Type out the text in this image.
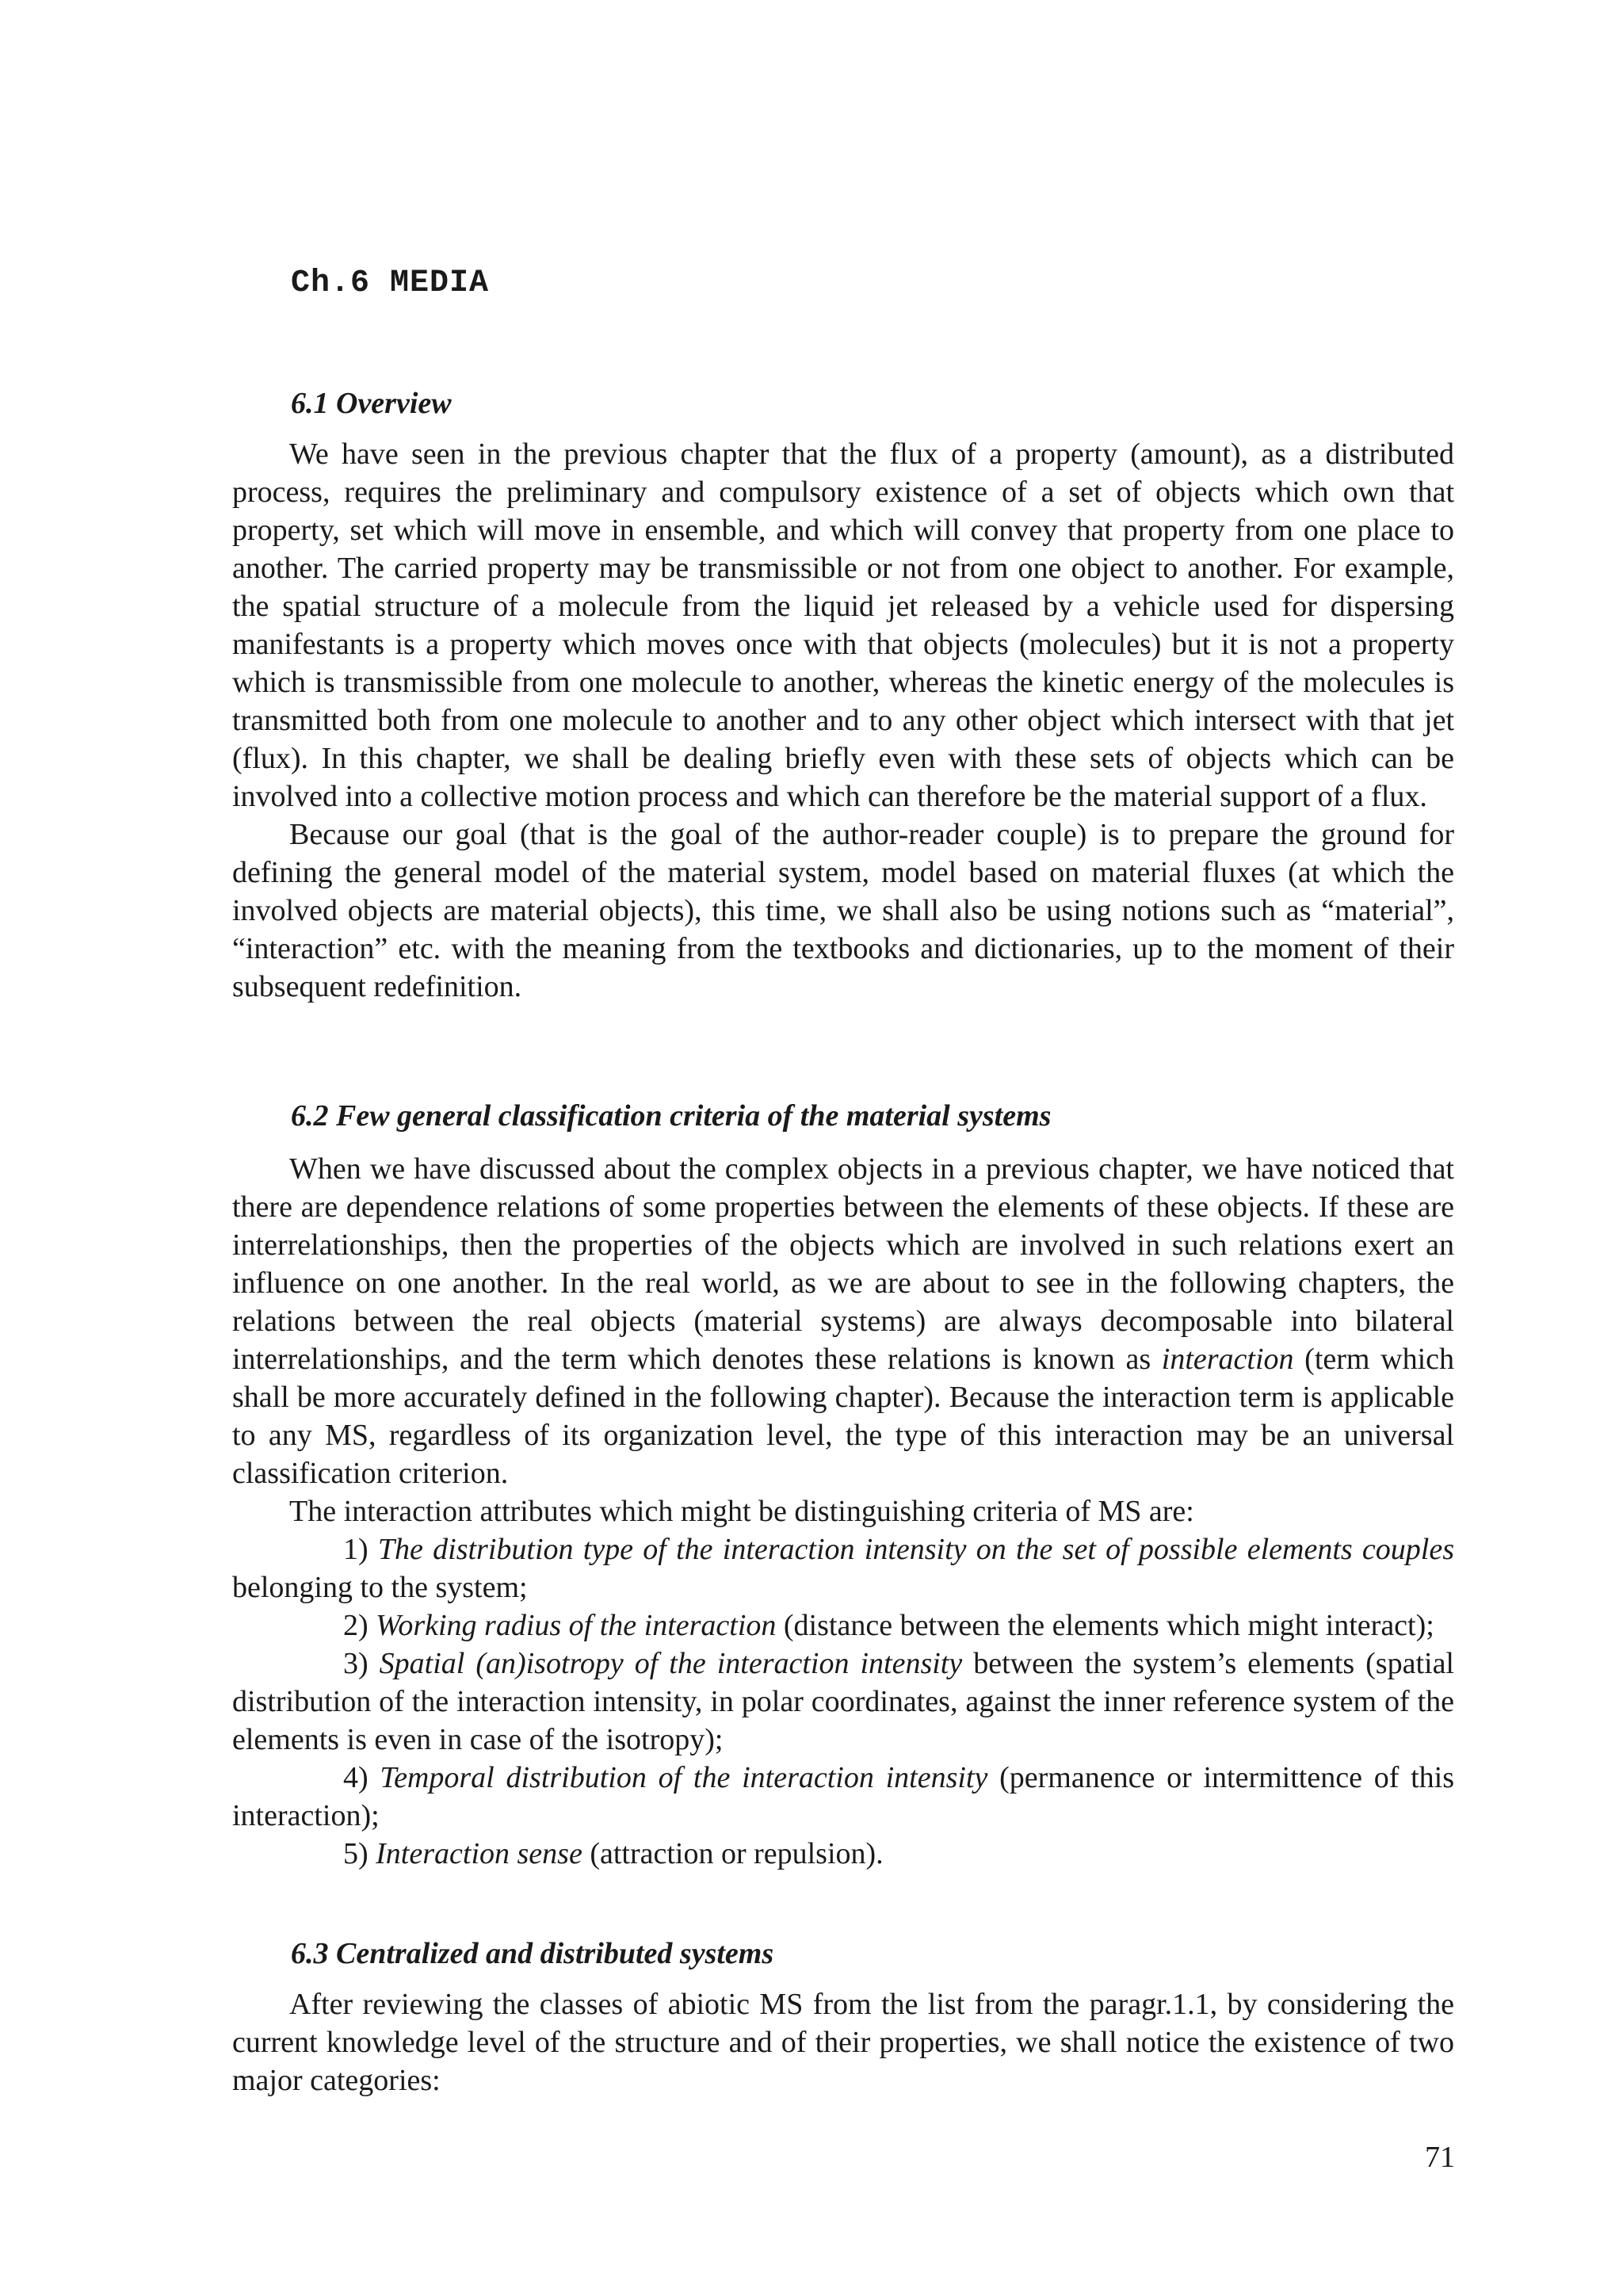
Ch.6 MEDIA
6.1 Overview

We have seen in the previous chapter that the flux of a property (amount), as a distributed process, requires the preliminary and compulsory existence of a set of objects which own that property, set which will move in ensemble, and which will convey that property from one place to another. The carried property may be transmissible or not from one object to another. For example, the spatial structure of a molecule from the liquid jet released by a vehicle used for dispersing manifestants is a property which moves once with that objects (molecules) but it is not a property which is transmissible from one molecule to another, whereas the kinetic energy of the molecules is transmitted both from one molecule to another and to any other object which intersect with that jet (flux). In this chapter, we shall be dealing briefly even with these sets of objects which can be involved into a collective motion process and which can therefore be the material support of a flux.

Because our goal (that is the goal of the author-reader couple) is to prepare the ground for defining the general model of the material system, model based on material fluxes (at which the involved objects are material objects), this time, we shall also be using notions such as “material”, “interaction” etc. with the meaning from the textbooks and dictionaries, up to the moment of their subsequent redefinition.

6.2 Few general classification criteria of the material systems

When we have discussed about the complex objects in a previous chapter, we have noticed that there are dependence relations of some properties between the elements of these objects. If these are interrelationships, then the properties of the objects which are involved in such relations exert an influence on one another. In the real world, as we are about to see in the following chapters, the relations between the real objects (material systems) are always decomposable into bilateral interrelationships, and the term which denotes these relations is known as interaction (term which shall be more accurately defined in the following chapter). Because the interaction term is applicable to any MS, regardless of its organization level, the type of this interaction may be an universal classification criterion.

The interaction attributes which might be distinguishing criteria of MS are:

1) The distribution type of the interaction intensity on the set of possible elements couples belonging to the system;

2) Working radius of the interaction (distance between the elements which might interact);

3) Spatial (an)isotropy of the interaction intensity between the system’s elements (spatial distribution of the interaction intensity, in polar coordinates, against the inner reference system of the elements is even in case of the isotropy);

4) Temporal distribution of the interaction intensity (permanence or intermittence of this interaction);

5) Interaction sense (attraction or repulsion).

6.3 Centralized and distributed systems

After reviewing the classes of abiotic MS from the list from the paragr.1.1, by considering the current knowledge level of the structure and of their properties, we shall notice the existence of two major categories:

71
